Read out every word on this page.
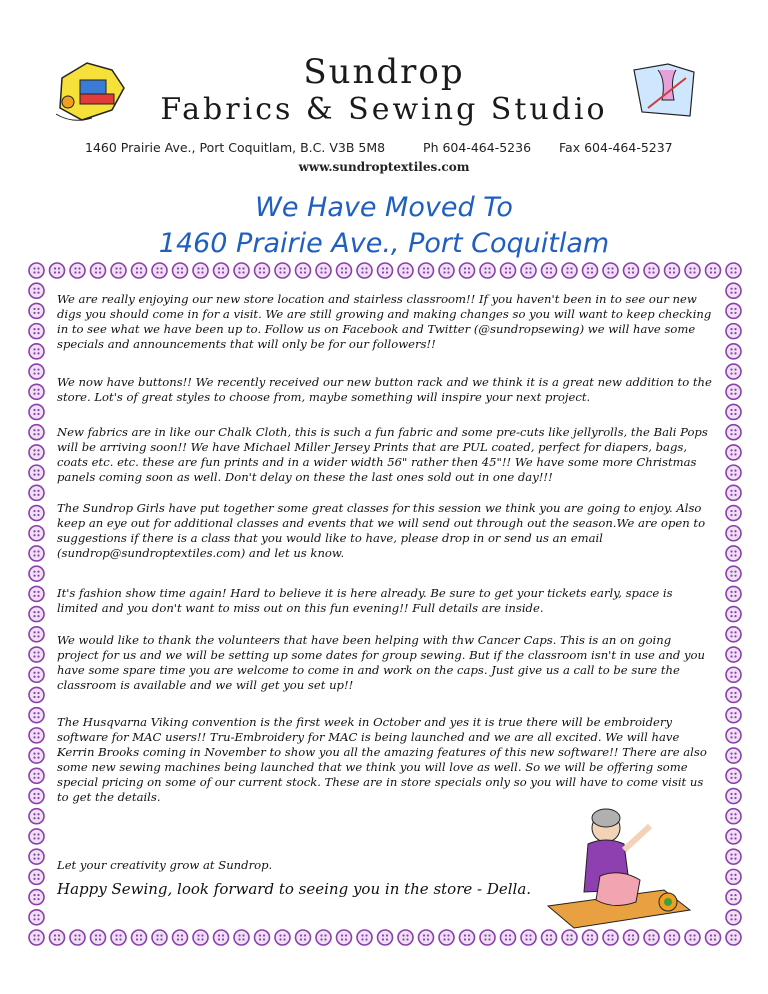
Sundrop
Fabrics & Sewing Studio
1460 Prairie Ave., Port Coquitlam, B.C. V3B 5M8	Ph 604-464-5236 Fax 604-464-5237
www.sundroptextiles.com
We Have Moved To
1460 Prairie Ave., Port Coquitlam
We are really enjoying our new store location and stairless classroom!! If you haven't been in to see our new digs you should come in for a visit. We are still growing and making changes so you will want to keep checking in to see what we have been up to. Follow us on Facebook and Twitter (@sundropsewing) we will have some specials and announcements that will only be for our followers!!
We now have buttons!! We recently received our new button rack and we think it is a great new addition to the store. Lot's of great styles to choose from, maybe something will inspire your next project.
New fabrics are in like our Chalk Cloth, this is such a fun fabric and some pre-cuts like jellyrolls, the Bali Pops will be arriving soon!! We have Michael Miller Jersey Prints that are PUL coated, perfect for diapers, bags, coats etc. etc. these are fun prints and in a wider width 56" rather then 45"!! We have some more Christmas panels coming soon as well. Don't delay on these the last ones sold out in one day!!!
The Sundrop Girls have put together some great classes for this session we think you are going to enjoy. Also keep an eye out for additional classes and events that we will send out through out the season.We are open to suggestions if there is a class that you would like to have, please drop in or send us an email (sundrop@sundroptextiles.com) and let us know.
It's fashion show time again! Hard to believe it is here already. Be sure to get your tickets early, space is limited and you don't want to miss out on this fun evening!! Full details are inside.
We would like to thank the volunteers that have been helping with thw Cancer Caps. This is an on going project for us and we will be setting up some dates for group sewing. But if the classroom isn't in use and you have some spare time you are welcome to come in and work on the caps. Just give us a call to be sure the classroom is available and we will get you set up!!
The Husqvarna Viking convention is the first week in October and yes it is true there will be embroidery software for MAC users!! Tru-Embroidery for MAC is being launched and we are all excited. We will have Kerrin Brooks coming in November to show you all the amazing features of this new software!! There are also some new sewing machines being launched that we think you will love as well. So we will be offering some special pricing on some of our current stock. These are in store specials only so you will have to come visit us to get the details.
Let your creativity grow at Sundrop.
Happy Sewing, look forward to seeing you in the store - Della.
